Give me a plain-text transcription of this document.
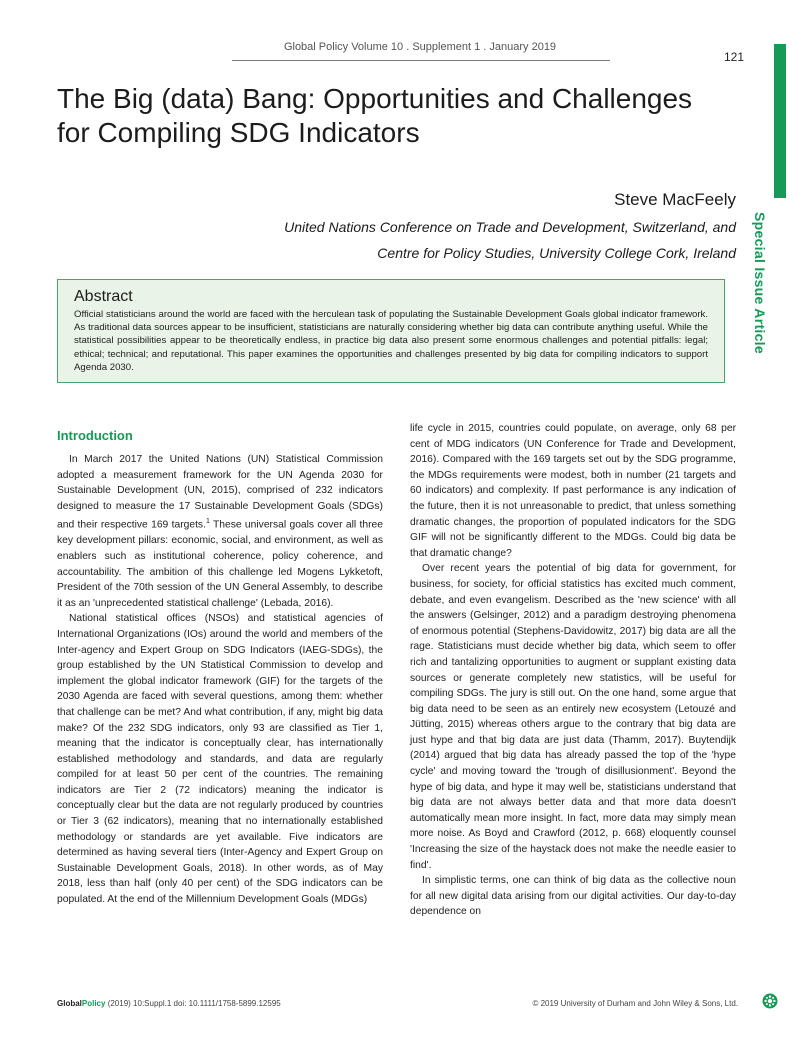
Global Policy Volume 10 . Supplement 1 . January 2019
121
Special Issue Article
The Big (data) Bang: Opportunities and Challenges for Compiling SDG Indicators
Steve MacFeely
United Nations Conference on Trade and Development, Switzerland, and
Centre for Policy Studies, University College Cork, Ireland
Abstract
Official statisticians around the world are faced with the herculean task of populating the Sustainable Development Goals global indicator framework. As traditional data sources appear to be insufficient, statisticians are naturally considering whether big data can contribute anything useful. While the statistical possibilities appear to be theoretically endless, in practice big data also present some enormous challenges and potential pitfalls: legal; ethical; technical; and reputational. This paper examines the opportunities and challenges presented by big data for compiling indicators to support Agenda 2030.
Introduction

In March 2017 the United Nations (UN) Statistical Commission adopted a measurement framework for the UN Agenda 2030 for Sustainable Development (UN, 2015), comprised of 232 indicators designed to measure the 17 Sustainable Development Goals (SDGs) and their respective 169 targets.$^1$ These universal goals cover all three key development pillars: economic, social, and environment, as well as enablers such as institutional coherence, policy coherence, and accountability. The ambition of this challenge led Mogens Lykketoft, President of the 70th session of the UN General Assembly, to describe it as an 'unprecedented statistical challenge' (Lebada, 2016).

National statistical offices (NSOs) and statistical agencies of International Organizations (IOs) around the world and members of the Inter-agency and Expert Group on SDG Indicators (IAEG-SDGs), the group established by the UN Statistical Commission to develop and implement the global indicator framework (GIF) for the targets of the 2030 Agenda are faced with several questions, among them: whether that challenge can be met? And what contribution, if any, might big data make? Of the 232 SDG indicators, only 93 are classified as Tier 1, meaning that the indicator is conceptually clear, has internationally established methodology and standards, and data are regularly compiled for at least 50 per cent of the countries. The remaining indicators are Tier 2 (72 indicators) meaning the indicator is conceptually clear but the data are not regularly produced by countries or Tier 3 (62 indicators), meaning that no internationally established methodology or standards are yet available. Five indicators are determined as having several tiers (Inter-Agency and Expert Group on Sustainable Development Goals, 2018). In other words, as of May 2018, less than half (only 40 per cent) of the SDG indicators can be populated. At the end of the Millennium Development Goals (MDGs)

life cycle in 2015, countries could populate, on average, only 68 per cent of MDG indicators (UN Conference for Trade and Development, 2016). Compared with the 169 targets set out by the SDG programme, the MDGs requirements were modest, both in number (21 targets and 60 indicators) and complexity. If past performance is any indication of the future, then it is not unreasonable to predict, that unless something dramatic changes, the proportion of populated indicators for the SDG GIF will not be significantly different to the MDGs. Could big data be that dramatic change?

Over recent years the potential of big data for government, for business, for society, for official statistics has excited much comment, debate, and even evangelism. Described as the 'new science' with all the answers (Gelsinger, 2012) and a paradigm destroying phenomena of enormous potential (Stephens-Davidowitz, 2017) big data are all the rage. Statisticians must decide whether big data, which seem to offer rich and tantalizing opportunities to augment or supplant existing data sources or generate completely new statistics, will be useful for compiling SDGs. The jury is still out. On the one hand, some argue that big data need to be seen as an entirely new ecosystem (Letouzé and Jütting, 2015) whereas others argue to the contrary that big data are just hype and that big data are just data (Thamm, 2017). Buytendijk (2014) argued that big data has already passed the top of the 'hype cycle' and moving toward the 'trough of disillusionment'. Beyond the hype of big data, and hype it may well be, statisticians understand that big data are not always better data and that more data doesn't automatically mean more insight. In fact, more data may simply mean more noise. As Boyd and Crawford (2012, p. 668) eloquently counsel 'Increasing the size of the haystack does not make the needle easier to find'.

In simplistic terms, one can think of big data as the collective noun for all new digital data arising from our digital activities. Our day-to-day dependence on

GlobalPolicy (2019) 10:Suppl.1 doi: 10.1111/1758-5899.12595	© 2019 University of Durham and John Wiley & Sons, Ltd.
